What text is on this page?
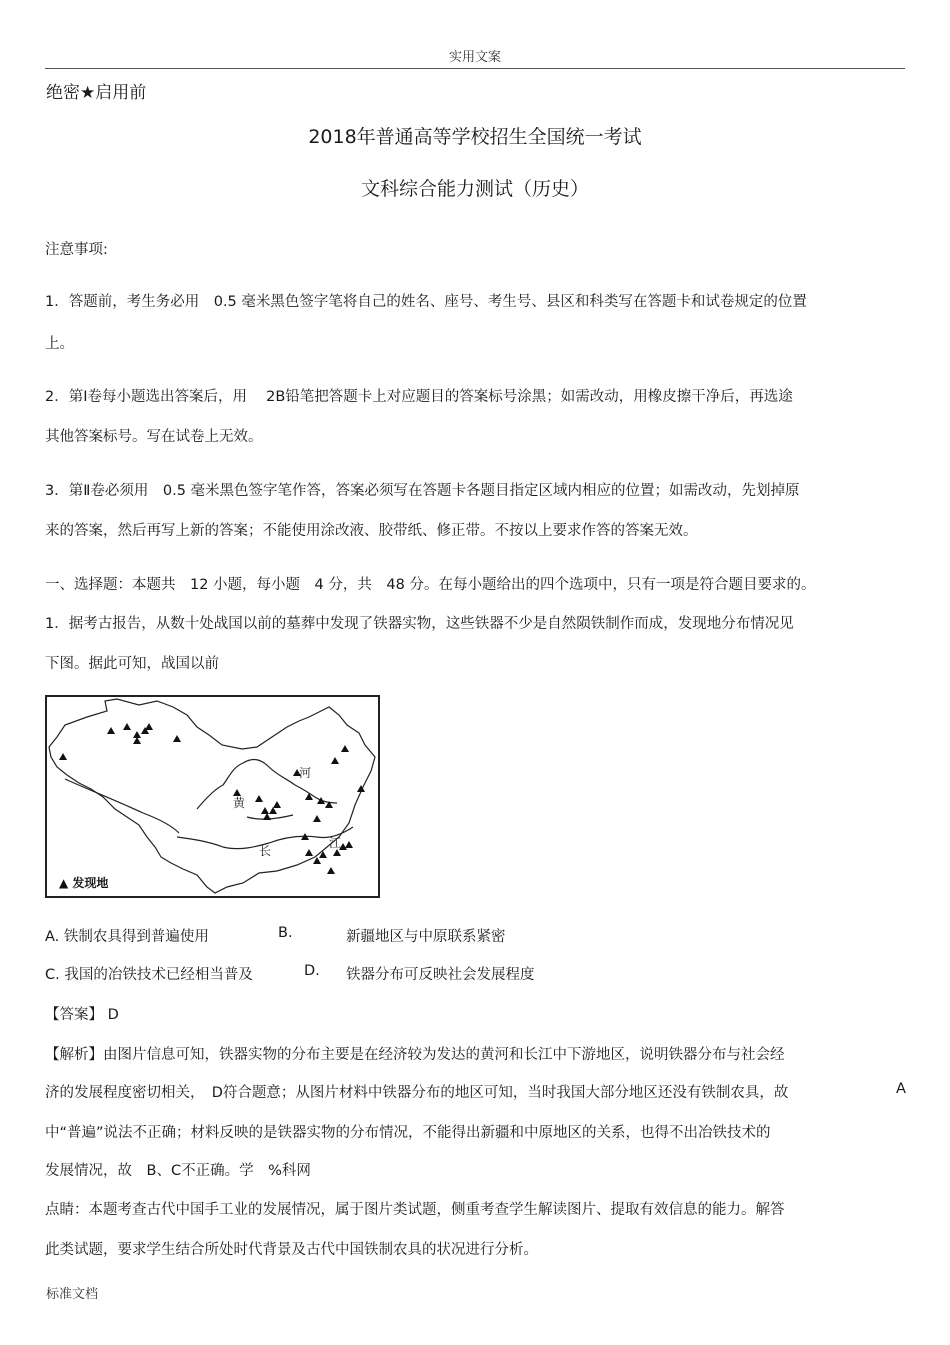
实用文案
绝密★启用前
2018年普通高等学校招生全国统一考试
文科综合能力测试（历史）
注意事项:
1．答题前，考生务必用　0.5 毫米黑色签字笔将自己的姓名、座号、考生号、县区和科类写在答题卡和试卷规定的位置
上。
2．第Ⅰ卷每小题选出答案后，用　 2B铅笔把答题卡上对应题目的答案标号涂黑；如需改动，用橡皮擦干净后，再选途
其他答案标号。写在试卷上无效。
3．第Ⅱ卷必须用　0.5 毫米黑色签字笔作答，答案必须写在答题卡各题目指定区域内相应的位置；如需改动，先划掉原
来的答案，然后再写上新的答案；不能使用涂改液、胶带纸、修正带。不按以上要求作答的答案无效。
一、选择题：本题共　12 小题，每小题　4 分，共　48 分。在每小题给出的四个选项中，只有一项是符合题目要求的。
1．据考古报告，从数十处战国以前的墓葬中发现了铁器实物，这些铁器不少是自然陨铁制作而成，发现地分布情况见
下图。据此可知，战国以前
黄
河
长
江
▲ 发现地
A. 铁制农具得到普遍使用	B.	新疆地区与中原联系紧密
C. 我国的冶铁技术已经相当普及	D. 铁器分布可反映社会发展程度
【答案】 D
【解析】由图片信息可知，铁器实物的分布主要是在经济较为发达的黄河和长江中下游地区，说明铁器分布与社会经
济的发展程度密切相关，　D符合题意；从图片材料中铁器分布的地区可知，当时我国大部分地区还没有铁制农具，故	A
中“普遍”说法不正确；材料反映的是铁器实物的分布情况，不能得出新疆和中原地区的关系，也得不出冶铁技术的
发展情况，故　B、C不正确。学　%科网
点睛：本题考查古代中国手工业的发展情况，属于图片类试题，侧重考查学生解读图片、提取有效信息的能力。解答
此类试题，要求学生结合所处时代背景及古代中国铁制农具的状况进行分析。
标准文档
